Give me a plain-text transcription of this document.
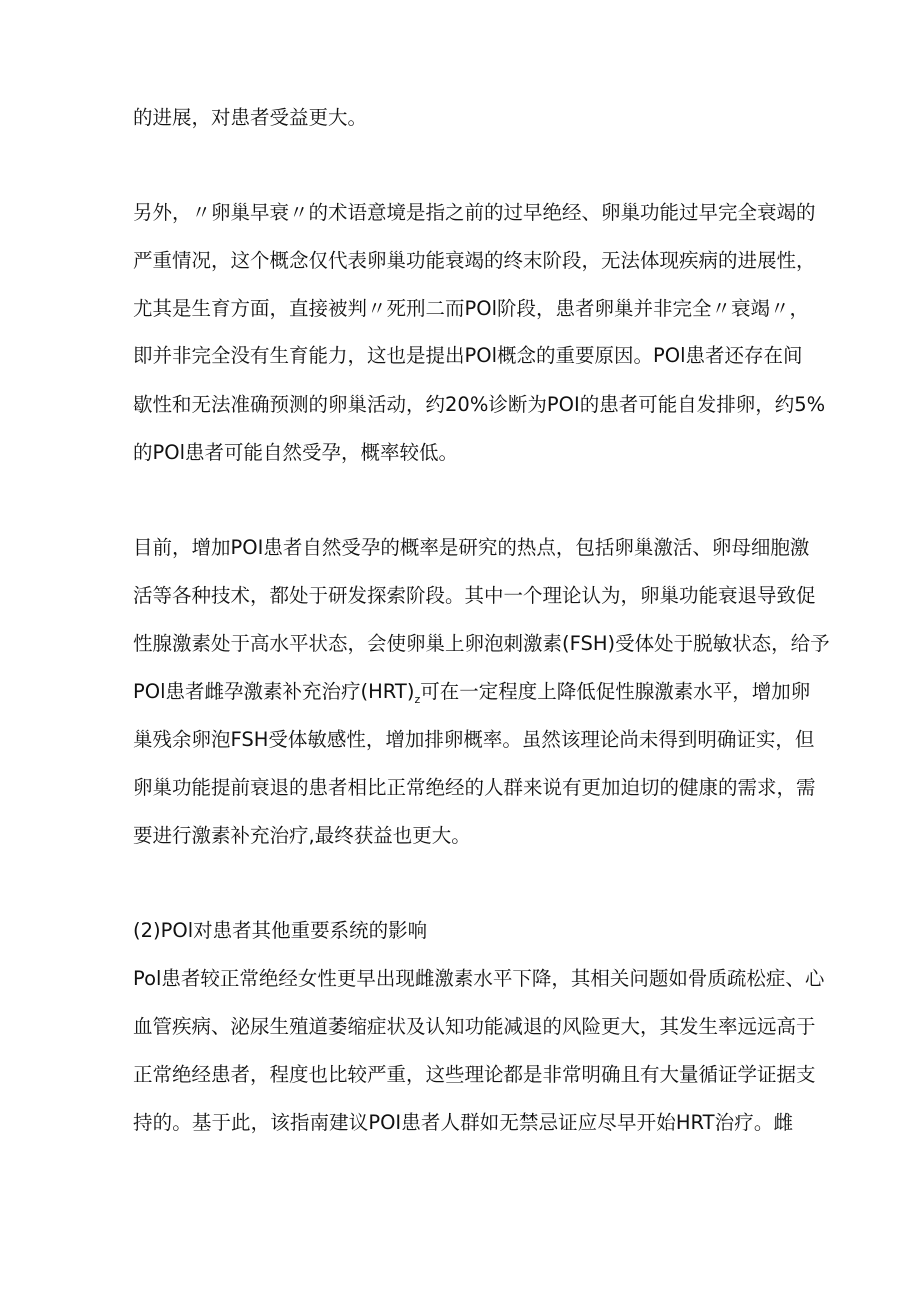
的进展，对患者受益更大。
另外，〃卵巢早衰〃的术语意境是指之前的过早绝经、卵巢功能过早完全衰竭的
严重情况，这个概念仅代表卵巢功能衰竭的终末阶段，无法体现疾病的进展性，
尤其是生育方面，直接被判〃死刑二而POl阶段，患者卵巢并非完全〃衰竭〃，
即并非完全没有生育能力，这也是提出POl概念的重要原因。POl患者还存在间
歇性和无法准确预测的卵巢活动，约20%诊断为POI的患者可能自发排卵，约5%
的POl患者可能自然受孕，概率较低。
目前，增加POI患者自然受孕的概率是研究的热点，包括卵巢激活、卵母细胞激
活等各种技术，都处于研发探索阶段。其中一个理论认为，卵巢功能衰退导致促
性腺激素处于高水平状态，会使卵巢上卵泡刺激素(FSH)受体处于脱敏状态，给予
POl患者雌孕激素补充治疗$(HRT)_z$可在一定程度上降低促性腺激素水平，增加卵
巢残余卵泡FSH受体敏感性，增加排卵概率。虽然该理论尚未得到明确证实，但
卵巢功能提前衰退的患者相比正常绝经的人群来说有更加迫切的健康的需求，需
要进行激素补充治疗,最终获益也更大。
(2)POl对患者其他重要系统的影响
Pol患者较正常绝经女性更早出现雌激素水平下降，其相关问题如骨质疏松症、心
血管疾病、泌尿生殖道萎缩症状及认知功能减退的风险更大，其发生率远远高于
正常绝经患者，程度也比较严重，这些理论都是非常明确且有大量循证学证据支
持的。基于此，该指南建议POI患者人群如无禁忌证应尽早开始HRT治疗。雌
